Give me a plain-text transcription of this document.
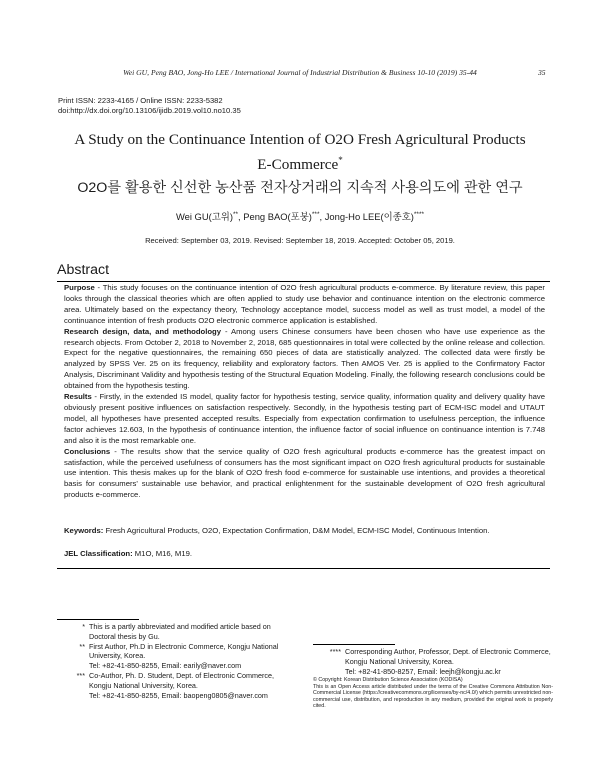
Wei GU, Peng BAO, Jong-Ho LEE / International Journal of Industrial Distribution & Business 10-10 (2019) 35-44	35
Print ISSN: 2233-4165 / Online ISSN: 2233-5382
doi:http://dx.doi.org/10.13106/ijidb.2019.vol10.no10.35
A Study on the Continuance Intention of O2O Fresh Agricultural Products
E-Commerce*
O2O를 활용한 신선한 농산품 전자상거래의 지속적 사용의도에 관한 연구
Wei GU(고위)**, Peng BAO(포붕)***, Jong-Ho LEE(이종호)****
Received: September 03, 2019. Revised: September 18, 2019. Accepted: October 05, 2019.
Abstract

Purpose - This study focuses on the continuance intention of O2O fresh agricultural products e-commerce. By literature review, this paper looks through the classical theories which are often applied to study use behavior and continuance intention on the electronic commerce area. Ultimately based on the expectancy theory, Technology acceptance model, success model as well as trust model, a model of the continuance intention of fresh products O2O electronic commerce application is established.

Research design, data, and methodology - Among users Chinese consumers have been chosen who have use experience as the research objects. From October 2, 2018 to November 2, 2018, 685 questionnaires in total were collected by the online release and collection. Expect for the negative questionnaires, the remaining 650 pieces of data are statistically analyzed. The collected data were firstly be analyzed by SPSS Ver. 25 on its frequency, reliability and exploratory factors. Then AMOS Ver. 25 is applied to the Confirmatory Factor Analysis, Discriminant Validity and hypothesis testing of the Structural Equation Modeling. Finally, the following research conclusions could be obtained from the hypothesis testing.

Results - Firstly, in the extended IS model, quality factor for hypothesis testing, service quality, information quality and delivery quality have obviously present positive influences on satisfaction respectively. Secondly, in the hypothesis testing part of ECM-ISC model and UTAUT model, all hypotheses have presented accepted results. Especially from expectation confirmation to usefulness perception, the influence factor achieves 12.603, In the hypothesis of continuance intention, the influence factor of social influence on continuance intention is 7.748 and also it is the most remarkable one.

Conclusions - The results show that the service quality of O2O fresh agricultural products e-commerce has the greatest impact on satisfaction, while the perceived usefulness of consumers has the most significant impact on O2O fresh agricultural products for sustainable use intention. This thesis makes up for the blank of O2O fresh food e-commerce for sustainable use intentions, and provides a theoretical basis for consumers' sustainable use behavior, and practical enlightenment for the sustainable development of O2O fresh agricultural products e-commerce.

Keywords: Fresh Agricultural Products, O2O, Expectation Confirmation, D&M Model, ECM-ISC Model, Continuous Intention.
JEL Classification: M1O, M16, M19.
* This is a partly abbreviated and modified article based on Doctoral thesis by Gu.
** First Author, Ph.D in Electronic Commerce, Kongju National University, Korea.
Tel: +82-41-850-8255, Email: earily@naver.com
*** Co-Author, Ph. D. Student, Dept. of Electronic Commerce, Kongju National University, Korea.
Tel: +82-41-850-8255, Email: baopeng0805@naver.com
**** Corresponding Author, Professor, Dept. of Electronic Commerce, Kongju National University, Korea.
Tel: +82-41-850-8257, Email: leejh@kongju.ac.kr
© Copyright: Korean Distribution Science Association (KODISA)
This is an Open Access article distributed under the terms of the Creative Commons Attribution Non-Commercial License (https://creativecommons.org/licenses/by-nc/4.0/) which permits unrestricted non-commercial use, distribution, and reproduction in any medium, provided the original work is properly cited.
